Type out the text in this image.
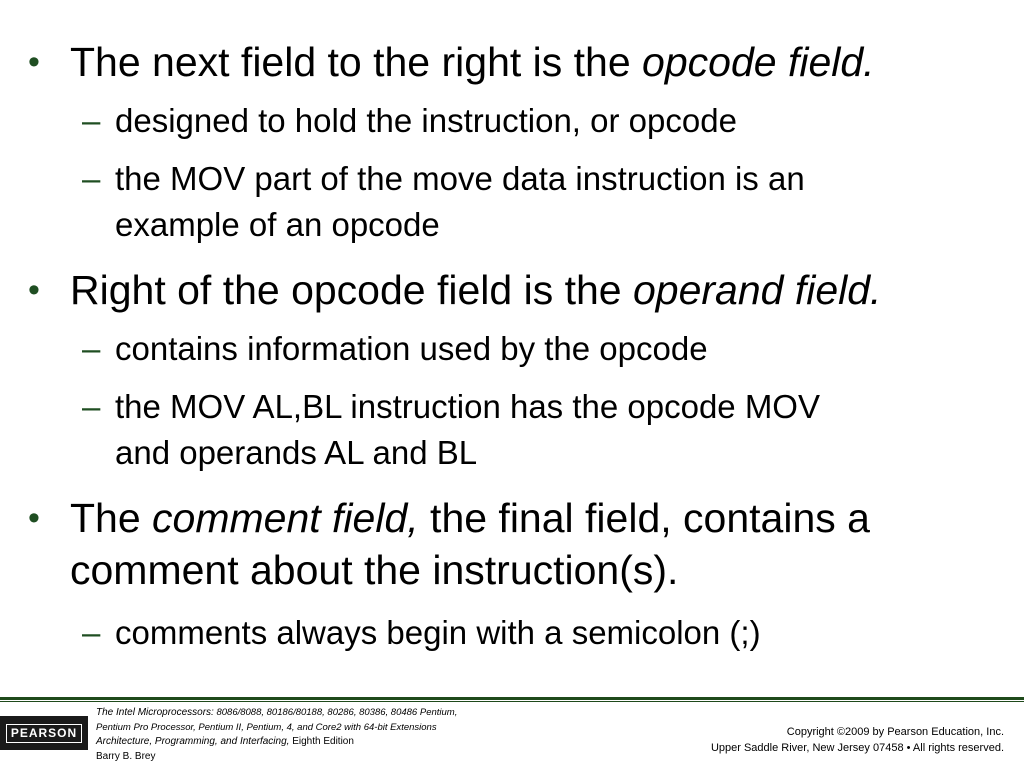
• The next field to the right is the opcode field.
– designed to hold the instruction, or opcode
– the MOV part of the move data instruction is an
example of an opcode
• Right of the opcode field is the operand field.
– contains information used by the opcode
– the MOV AL,BL instruction has the opcode MOV
and operands AL and BL
• The comment field, the final field, contains a
comment about the instruction(s).
– comments always begin with a semicolon (;)
PEARSON
The Intel Microprocessors: 8086/8088, 80186/80188, 80286, 80386, 80486 Pentium,
Pentium Pro Processor, Pentium II, Pentium, 4, and Core2 with 64-bit Extensions
Architecture, Programming, and Interfacing, Eighth Edition
Barry B. Brey
Copyright ©2009 by Pearson Education, Inc.
Upper Saddle River, New Jersey 07458 • All rights reserved.
